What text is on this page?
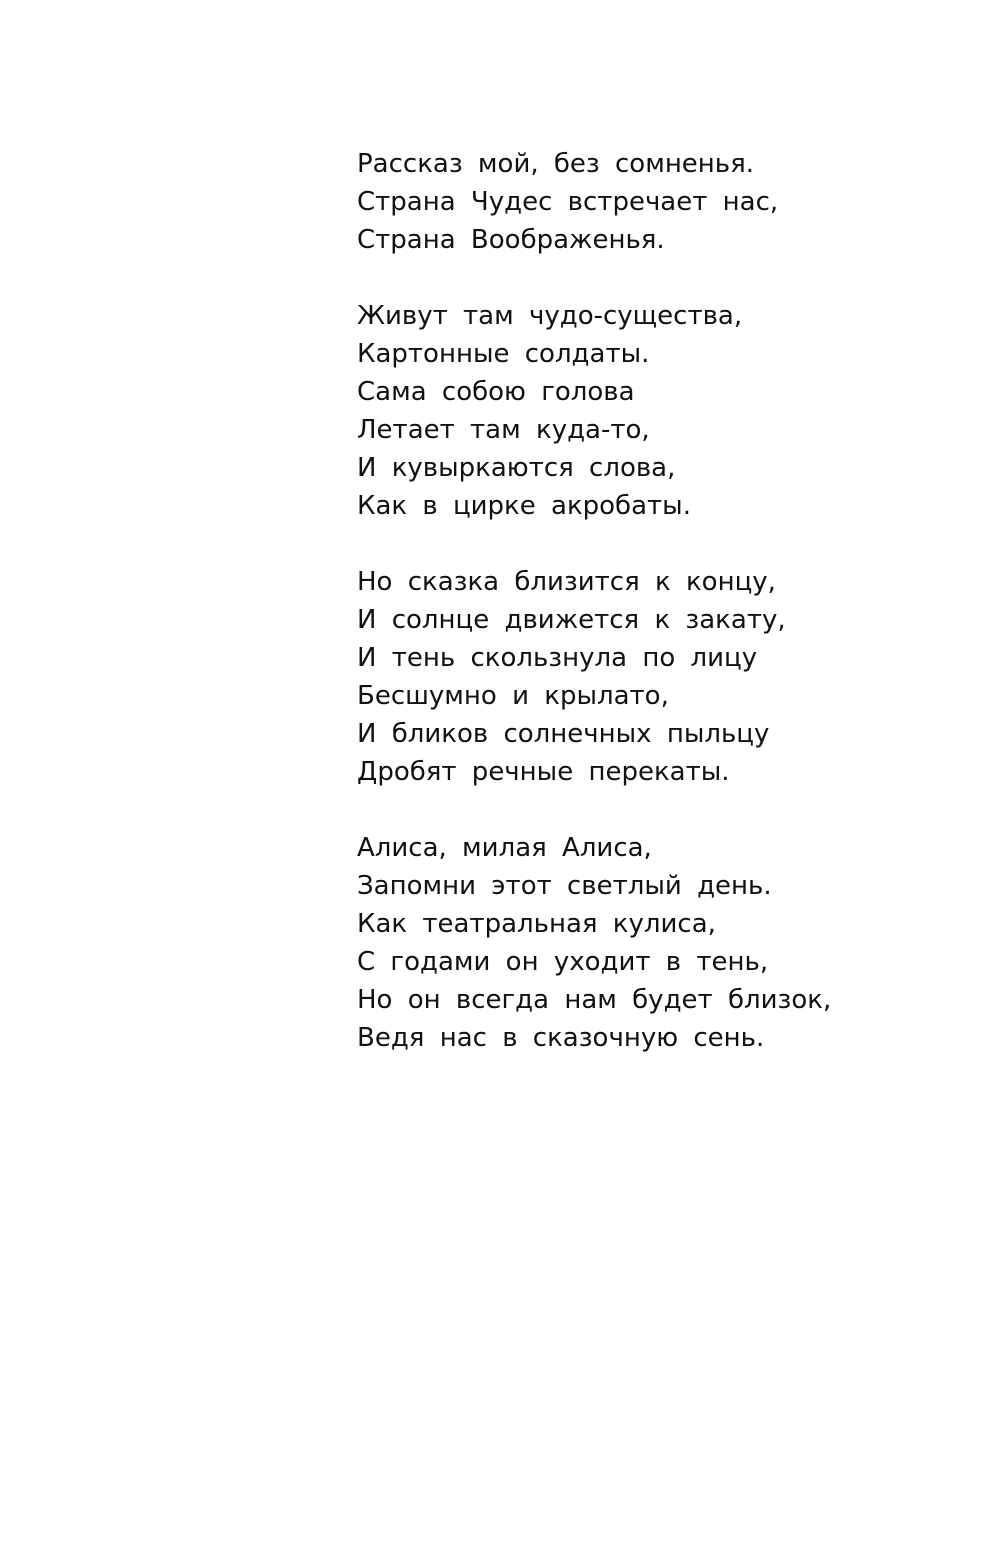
Рассказ мой, без сомненья.
Страна Чудес встречает нас,
Страна Воображенья.
Живут там чудо-существа,
Картонные солдаты.
Сама собою голова
Летает там куда-то,
И кувыркаются слова,
Как в цирке акробаты.
Но сказка близится к концу,
И солнце движется к закату,
И тень скользнула по лицу
Бесшумно и крылато,
И бликов солнечных пыльцу
Дробят речные перекаты.
Алиса, милая Алиса,
Запомни этот светлый день.
Как театральная кулиса,
С годами он уходит в тень,
Но он всегда нам будет близок,
Ведя нас в сказочную сень.
